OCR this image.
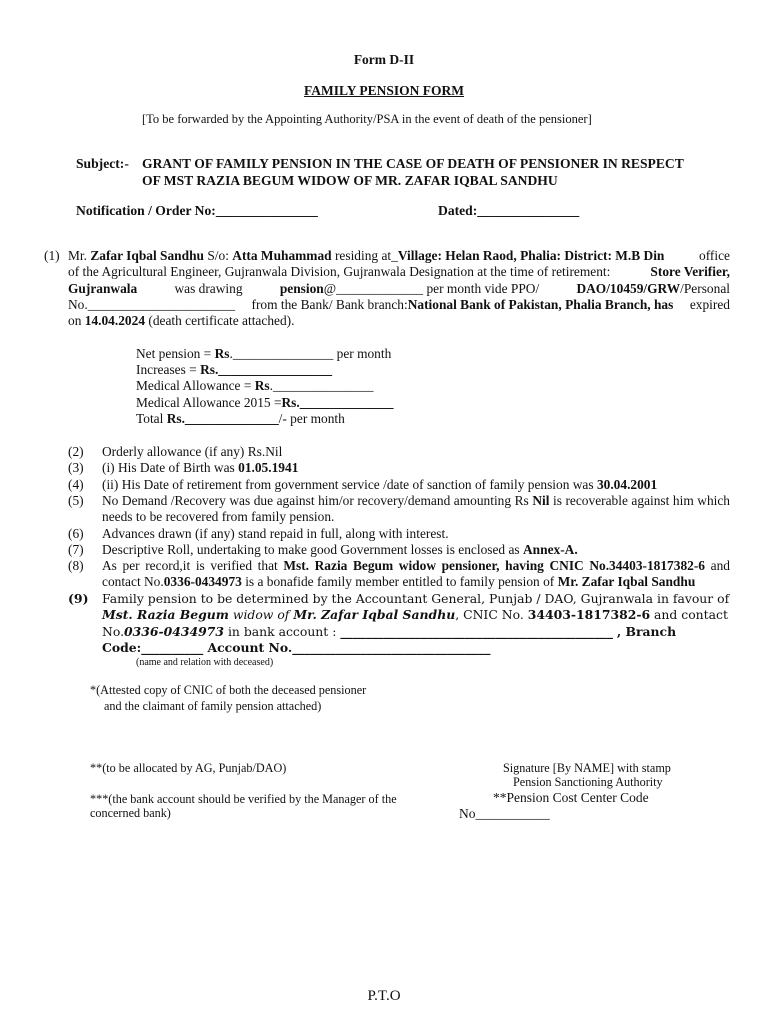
Form D-II
FAMILY PENSION FORM
[To be forwarded by the Appointing Authority/PSA in the event of death of the pensioner]
Subject:- GRANT OF FAMILY PENSION IN THE CASE OF DEATH OF PENSIONER IN RESPECT
OF MST RAZIA BEGUM WIDOW OF MR. ZAFAR IQBAL SANDHU
Notification / Order No:_______________	Dated:_______________
(1) Mr. Zafar Iqbal Sandhu S/o: Atta Muhammad residing at_Village: Helan Raod, Phalia: District: M.B Din	office
of the Agricultural Engineer, Gujranwala Division, Gujranwala Designation at the time of retirement:	Store Verifier,
Gujranwala	was drawing	pension@_____________ per month vide PPO/	DAO/10459/GRW/Personal
No.______________________ from the Bank/ Bank branch:National Bank of Pakistan, Phalia Branch, has expired
on 14.04.2024 (death certificate attached).
Net pension = Rs._______________ per month
Increases = Rs._________________
Medical Allowance = Rs._______________
Medical Allowance 2015 =Rs.______________
Total Rs.______________/- per month
(2) Orderly allowance (if any) Rs.Nil
(3) (i) His Date of Birth was 01.05.1941
(4) (ii) His Date of retirement from government service /date of sanction of family pension was 30.04.2001
(5) No Demand /Recovery was due against him/or recovery/demand amounting Rs Nil is recoverable against him which needs to be recovered from family pension.
(6) Advances drawn (if any) stand repaid in full, along with interest.
(7) Descriptive Roll, undertaking to make good Government losses is enclosed as Annex-A.
(8) As per record,it is verified that Mst. Razia Begum widow pensioner, having CNIC No.34403-1817382-6 and contact No.0336-0434973 is a bonafide family member entitled to family pension of Mr. Zafar Iqbal Sandhu
(9) Family pension to be determined by the Accountant General, Punjab / DAO, Gujranwala in favour of Mst. Razia Begum widow of Mr. Zafar Iqbal Sandhu, CNIC No. 34403-1817382-6 and contact No.0336-0434973 in bank account : ____________________________________________ , Branch Code:__________ Account No.________________________________
(name and relation with deceased)
*(Attested copy of CNIC of both the deceased pensioner
and the claimant of family pension attached)
**(to be allocated by AG, Punjab/DAO)	Signature [By NAME] with stamp
Pension Sanctioning Authority
***(the bank account should be verified by the Manager of the
concerned bank)
**Pension Cost Center Code
No___________
P.T.O
